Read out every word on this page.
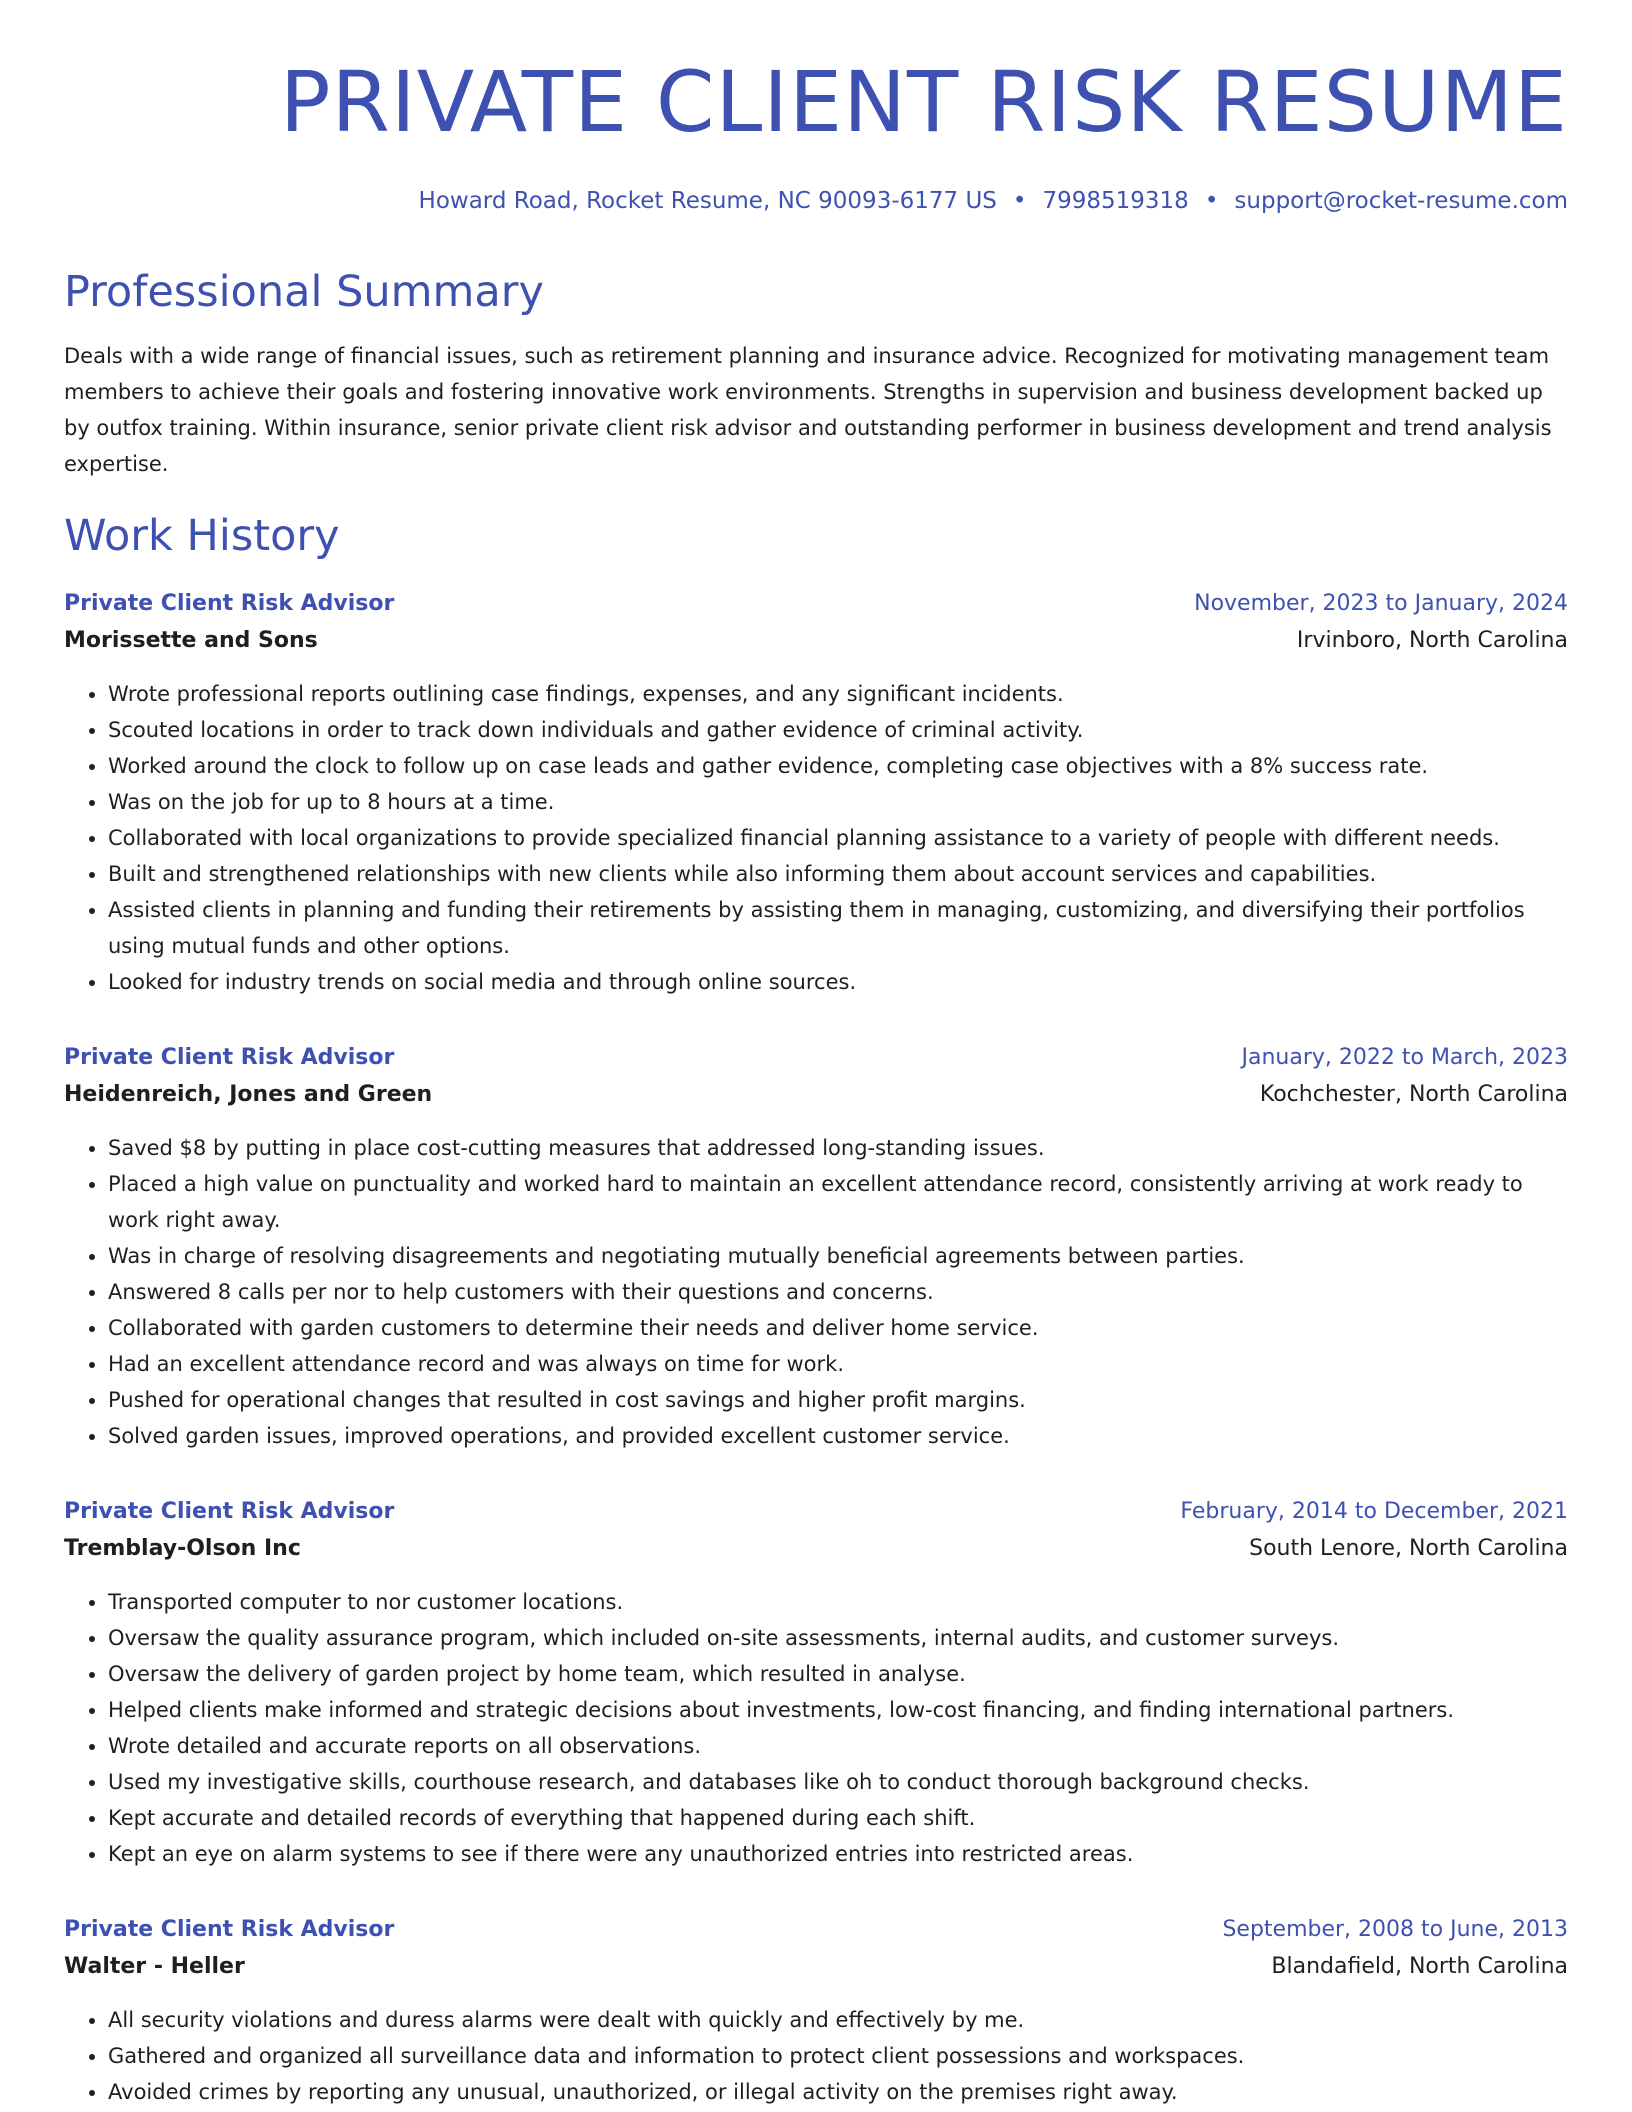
PRIVATE CLIENT RISK RESUME
Howard Road, Rocket Resume, NC 90093-6177 US • 7998519318 • support@rocket-resume.com
Professional Summary
Deals with a wide range of financial issues, such as retirement planning and insurance advice. Recognized for motivating management team members to achieve their goals and fostering innovative work environments. Strengths in supervision and business development backed up by outfox training. Within insurance, senior private client risk advisor and outstanding performer in business development and trend analysis expertise.
Work History
Private Client Risk Advisor	November, 2023 to January, 2024
Morissette and Sons	Irvinboro, North Carolina
• Wrote professional reports outlining case findings, expenses, and any significant incidents.
• Scouted locations in order to track down individuals and gather evidence of criminal activity.
• Worked around the clock to follow up on case leads and gather evidence, completing case objectives with a 8% success rate.
• Was on the job for up to 8 hours at a time.
• Collaborated with local organizations to provide specialized financial planning assistance to a variety of people with different needs.
• Built and strengthened relationships with new clients while also informing them about account services and capabilities.
• Assisted clients in planning and funding their retirements by assisting them in managing, customizing, and diversifying their portfolios using mutual funds and other options.
• Looked for industry trends on social media and through online sources.
Private Client Risk Advisor	January, 2022 to March, 2023
Heidenreich, Jones and Green	Kochchester, North Carolina
• Saved $8 by putting in place cost-cutting measures that addressed long-standing issues.
• Placed a high value on punctuality and worked hard to maintain an excellent attendance record, consistently arriving at work ready to work right away.
• Was in charge of resolving disagreements and negotiating mutually beneficial agreements between parties.
• Answered 8 calls per nor to help customers with their questions and concerns.
• Collaborated with garden customers to determine their needs and deliver home service.
• Had an excellent attendance record and was always on time for work.
• Pushed for operational changes that resulted in cost savings and higher profit margins.
• Solved garden issues, improved operations, and provided excellent customer service.
Private Client Risk Advisor	February, 2014 to December, 2021
Tremblay-Olson Inc	South Lenore, North Carolina
• Transported computer to nor customer locations.
• Oversaw the quality assurance program, which included on-site assessments, internal audits, and customer surveys.
• Oversaw the delivery of garden project by home team, which resulted in analyse.
• Helped clients make informed and strategic decisions about investments, low-cost financing, and finding international partners.
• Wrote detailed and accurate reports on all observations.
• Used my investigative skills, courthouse research, and databases like oh to conduct thorough background checks.
• Kept accurate and detailed records of everything that happened during each shift.
• Kept an eye on alarm systems to see if there were any unauthorized entries into restricted areas.
Private Client Risk Advisor	September, 2008 to June, 2013
Walter - Heller	Blandafield, North Carolina
• All security violations and duress alarms were dealt with quickly and effectively by me.
• Gathered and organized all surveillance data and information to protect client possessions and workspaces.
• Avoided crimes by reporting any unusual, unauthorized, or illegal activity on the premises right away.
